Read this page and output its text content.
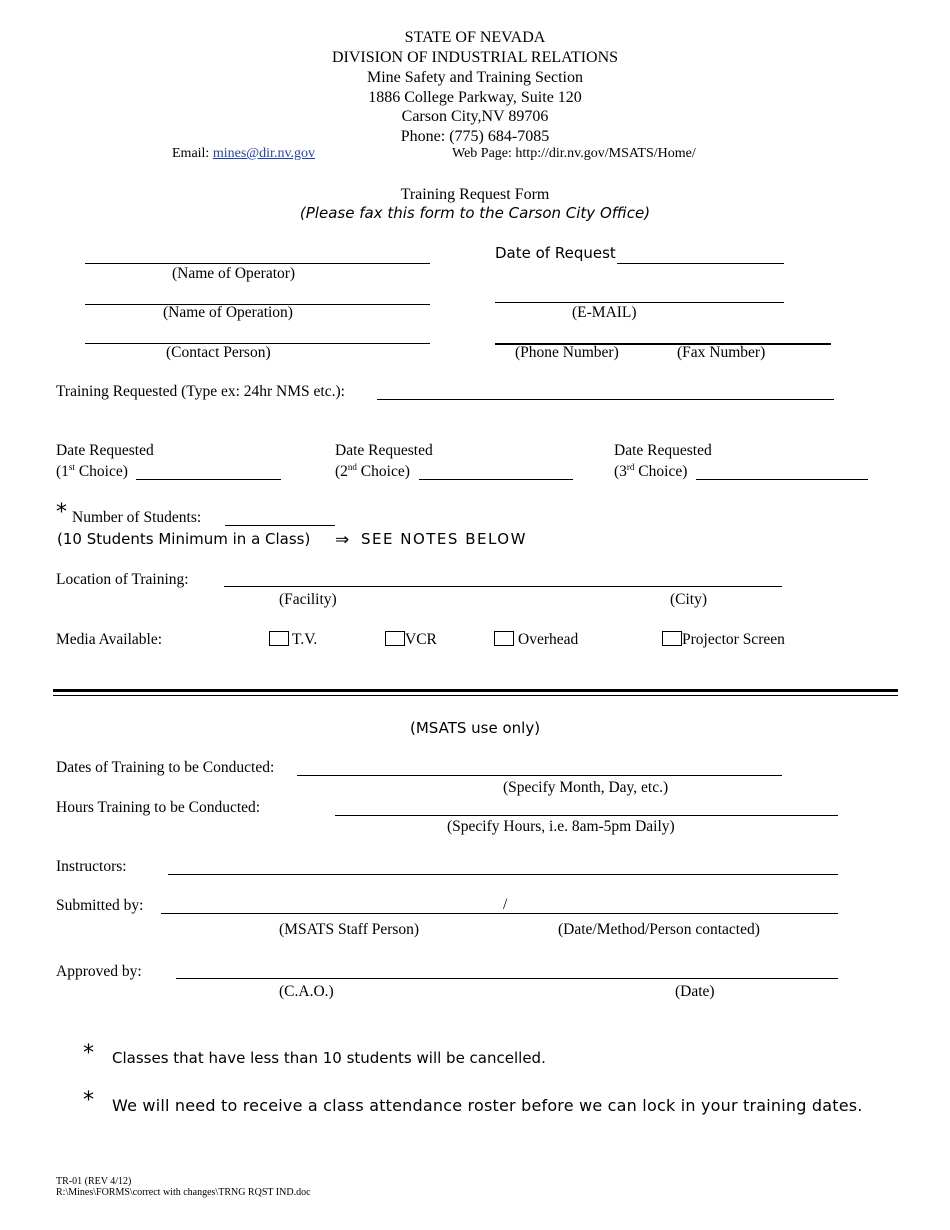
STATE OF NEVADA
DIVISION OF INDUSTRIAL RELATIONS
Mine Safety and Training Section
1886 College Parkway, Suite 120
Carson City,NV 89706
Phone: (775) 684-7085
Email: mines@dir.nv.gov	Web Page: http://dir.nv.gov/MSATS/Home/
Training Request Form
(Please fax this form to the Carson City Office)
Date of Request
(Name of Operator)
(Name of Operation)	(E-MAIL)
(Contact Person)	(Phone Number)	(Fax Number)
Training Requested (Type ex: 24hr NMS etc.):
Date Requested
(1st Choice)
Date Requested
(2nd Choice)
Date Requested
(3rd Choice)
* Number of Students:
(10 Students Minimum in a Class) ⇒ SEE NOTES BELOW
Location of Training:
(Facility)	(City)
Media Available:	T.V.	VCR	Overhead	Projector Screen
(MSATS use only)
Dates of Training to be Conducted:
(Specify Month, Day, etc.)
Hours Training to be Conducted:
(Specify Hours, i.e. 8am-5pm Daily)
Instructors:
Submitted by:	/
(MSATS Staff Person)	(Date/Method/Person contacted)
Approved by:
(C.A.O.)	(Date)
* Classes that have less than 10 students will be cancelled.
* We will need to receive a class attendance roster before we can lock in your training dates.
TR-01 (REV 4/12)
R:\Mines\FORMS\correct with changes\TRNG RQST IND.doc
